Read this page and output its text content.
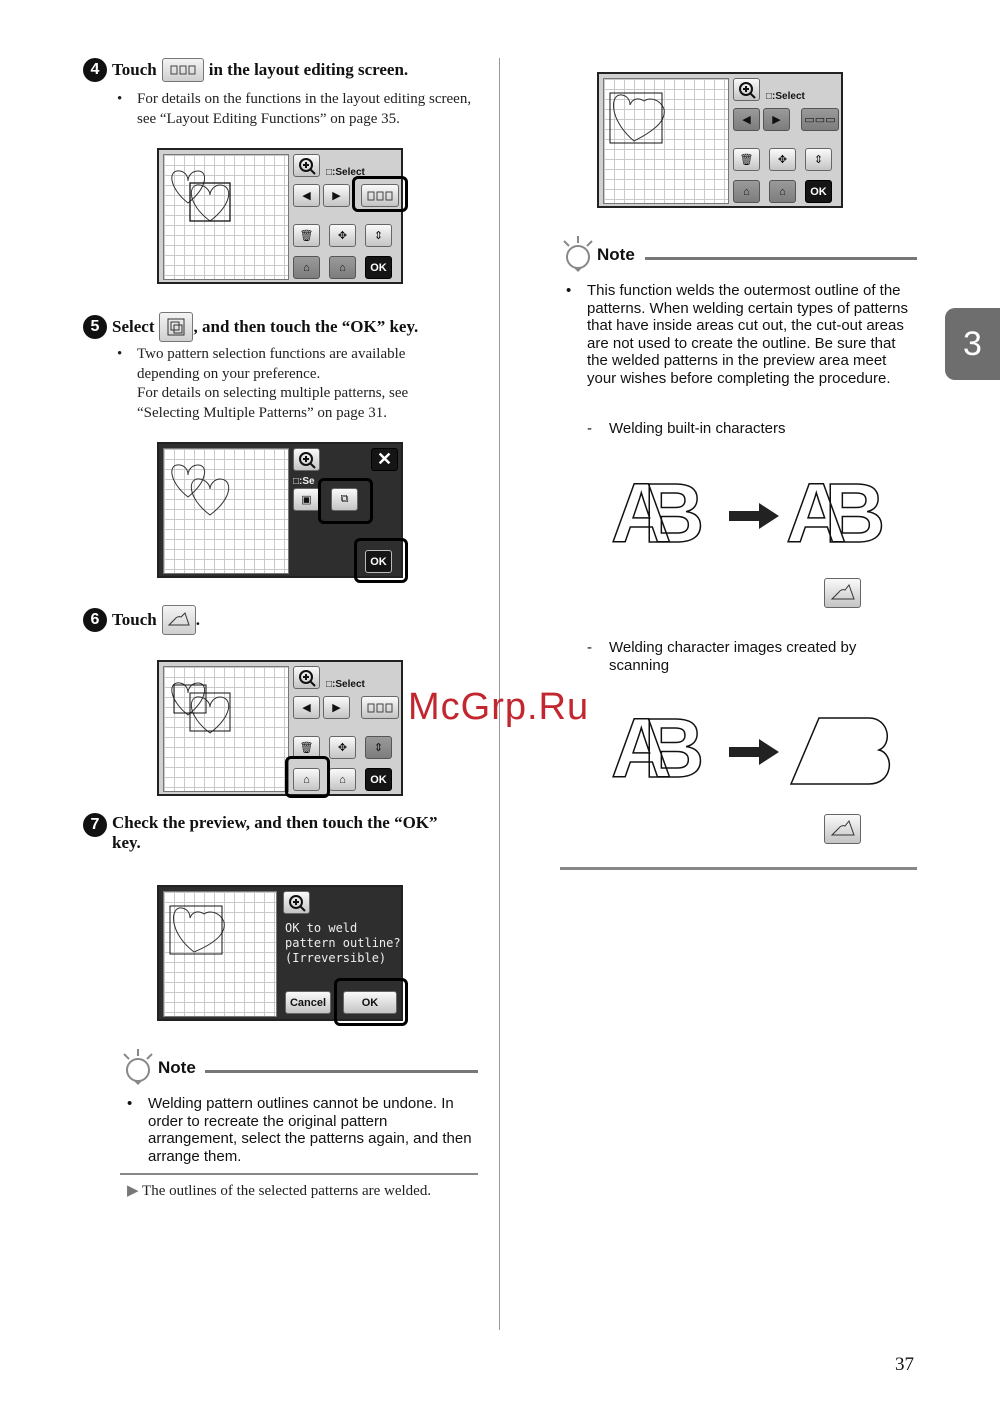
4 Touch	in the layout editing screen.
• For details on the functions in the layout editing screen, see “Layout Editing Functions” on page 35.
□:Select
◀ ▶
🗑 ✥ ⇕
⌂	⌂	OK
5 Select , and then touch the “OK” key.
• Two pattern selection functions are available depending on your preference.
For details on selecting multiple patterns, see “Selecting Multiple Patterns” on page 31.
✕
□:Se
▣	⧉
OK
6 Touch .
□:Select
◀ ▶
🗑 ✥ ⇕
⌂	⌂	OK
7 Check the preview, and then touch the “OK”
key.
OK to weld
pattern outline?
(Irreversible)
Cancel	OK
Note
• Welding pattern outlines cannot be undone. In order to recreate the original pattern arrangement, select the patterns again, and then arrange them.
▶ The outlines of the selected patterns are welded.
□:Select
◀ ▶ ▭▭▭
🗑 ✥ ⇕
⌂	⌂	OK
Note
• This function welds the outermost outline of the patterns. When welding certain types of patterns that have inside areas cut out, the cut-out areas are not used to create the outline. Be sure that the welded patterns in the preview area meet your wishes before completing the procedure.
- Welding built-in characters
AB AB
- Welding character images created by scanning
AB
3
McGrp.Ru
37
